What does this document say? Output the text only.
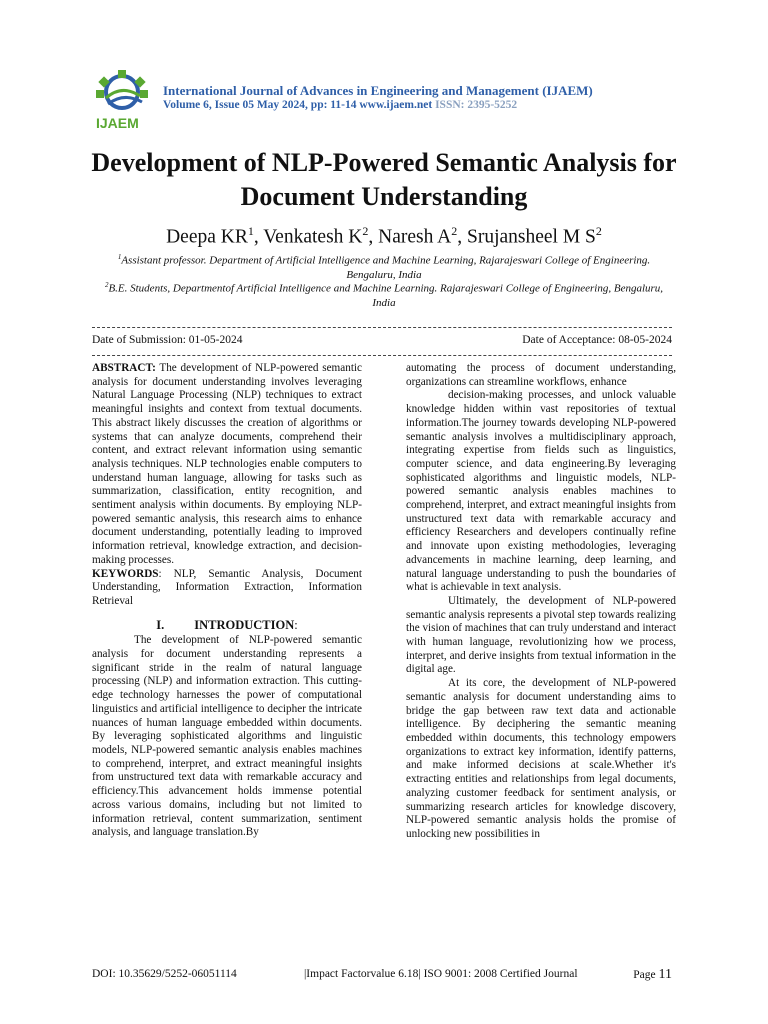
IJAEM
International Journal of Advances in Engineering and Management (IJAEM)
Volume 6, Issue 05 May 2024, pp: 11-14 www.ijaem.net ISSN: 2395-5252
Development of NLP-Powered Semantic Analysis for Document Understanding
Deepa $KR^1$, Venkatesh $K^2$, Naresh $A^2$, Srujansheel M $S^2$
$^1$Assistant professor. Department of Artificial Intelligence and Machine Learning, Rajarajeswari College of Engineering. Bengaluru, India
$^2$B.E. Students, Departmentof Artificial Intelligence and Machine Learning. Rajarajeswari College of Engineering, Bengaluru, India
Date of Submission: 01-05-2024	Date of Acceptance: 08-05-2024

ABSTRACT: The development of NLP-powered semantic analysis for document understanding involves leveraging Natural Language Processing (NLP) techniques to extract meaningful insights and context from textual documents. This abstract likely discusses the creation of algorithms or systems that can analyze documents, comprehend their content, and extract relevant information using semantic analysis techniques. NLP technologies enable computers to understand human language, allowing for tasks such as summarization, classification, entity recognition, and sentiment analysis within documents. By employing NLP-powered semantic analysis, this research aims to enhance document understanding, potentially leading to improved information retrieval, knowledge extraction, and decision-making processes.

KEYWORDS: NLP, Semantic Analysis, Document Understanding, Information Extraction, Information Retrieval

I. INTRODUCTION:

The development of NLP-powered semantic analysis for document understanding represents a significant stride in the realm of natural language processing (NLP) and information extraction. This cutting-edge technology harnesses the power of computational linguistics and artificial intelligence to decipher the intricate nuances of human language embedded within documents. By leveraging sophisticated algorithms and linguistic models, NLP-powered semantic analysis enables machines to comprehend, interpret, and extract meaningful insights from unstructured text data with remarkable accuracy and efficiency.This advancement holds immense potential across various domains, including but not limited to information retrieval, content summarization, sentiment analysis, and language translation.By

automating the process of document understanding, organizations can streamline workflows, enhance

decision-making processes, and unlock valuable knowledge hidden within vast repositories of textual information.The journey towards developing NLP-powered semantic analysis involves a multidisciplinary approach, integrating expertise from fields such as linguistics, computer science, and data engineering.By leveraging sophisticated algorithms and linguistic models, NLP-powered semantic analysis enables machines to comprehend, interpret, and extract meaningful insights from unstructured text data with remarkable accuracy and efficiency Researchers and developers continually refine and innovate upon existing methodologies, leveraging advancements in machine learning, deep learning, and natural language understanding to push the boundaries of what is achievable in text analysis.

Ultimately, the development of NLP-powered semantic analysis represents a pivotal step towards realizing the vision of machines that can truly understand and interact with human language, revolutionizing how we process, interpret, and derive insights from textual information in the digital age.

At its core, the development of NLP-powered semantic analysis for document understanding aims to bridge the gap between raw text data and actionable intelligence. By deciphering the semantic meaning embedded within documents, this technology empowers organizations to extract key information, identify patterns, and make informed decisions at scale.Whether it's extracting entities and relationships from legal documents, analyzing customer feedback for sentiment analysis, or summarizing research articles for knowledge discovery, NLP-powered semantic analysis holds the promise of unlocking new possibilities in

DOI: 10.35629/5252-06051114	|Impact Factorvalue 6.18| ISO 9001: 2008 Certified Journal	Page 11
